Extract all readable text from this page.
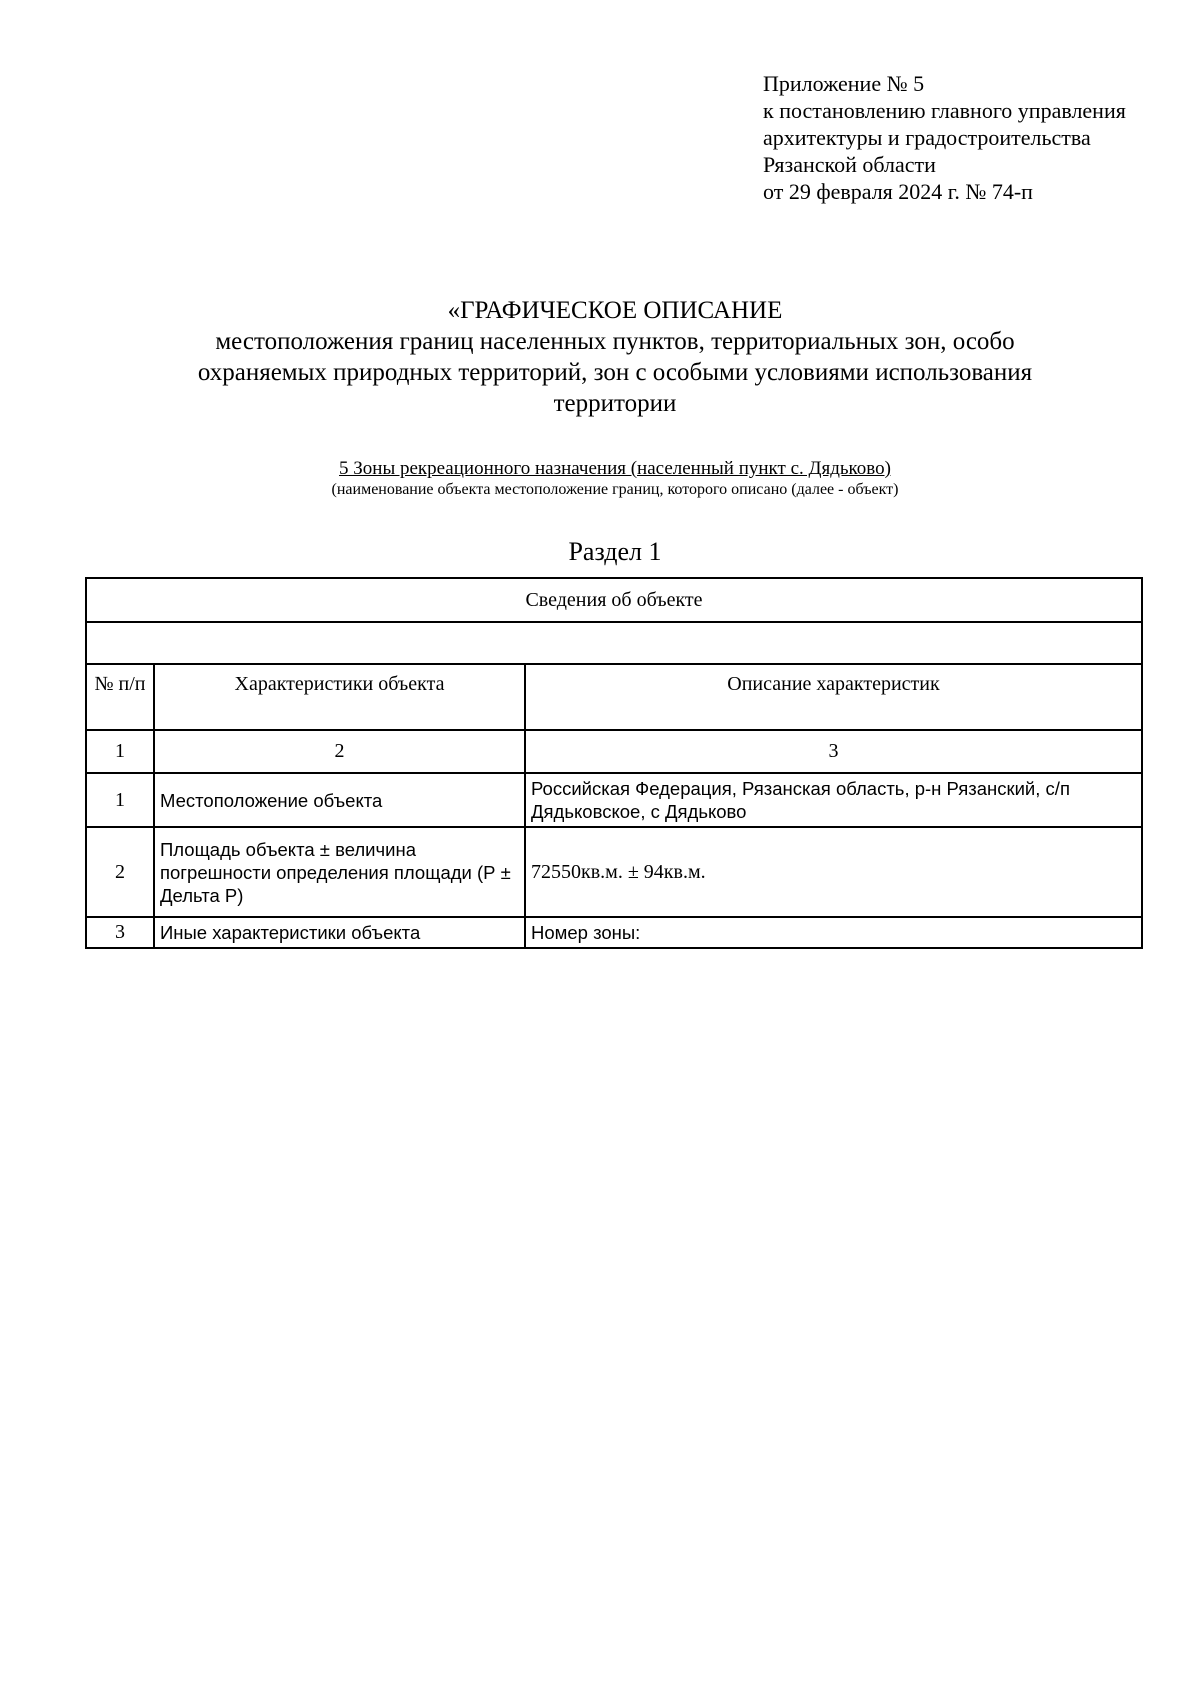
Приложение № 5
к постановлению главного управления
архитектуры и градостроительства
Рязанской области
от 29 февраля 2024 г. № 74-п
«ГРАФИЧЕСКОЕ ОПИСАНИЕ
местоположения границ населенных пунктов, территориальных зон, особо
охраняемых природных территорий, зон с особыми условиями использования
территории
5 Зоны рекреационного назначения (населенный пункт с. Дядьково)
(наименование объекта местоположение границ, которого описано (далее - объект)
Раздел 1
Сведения об объекте		

№ п/п	Характеристики объекта	Описание характеристик
1	2	3
1	Местоположение объекта	Российская Федерация, Рязанская область, р-н Рязанский, с/п Дядьковское, с Дядьково
2	Площадь объекта ± величина погрешности определения площади (Р ± Дельта Р)	72550кв.м. ± 94кв.м.
3	Иные характеристики объекта	Номер зоны:
